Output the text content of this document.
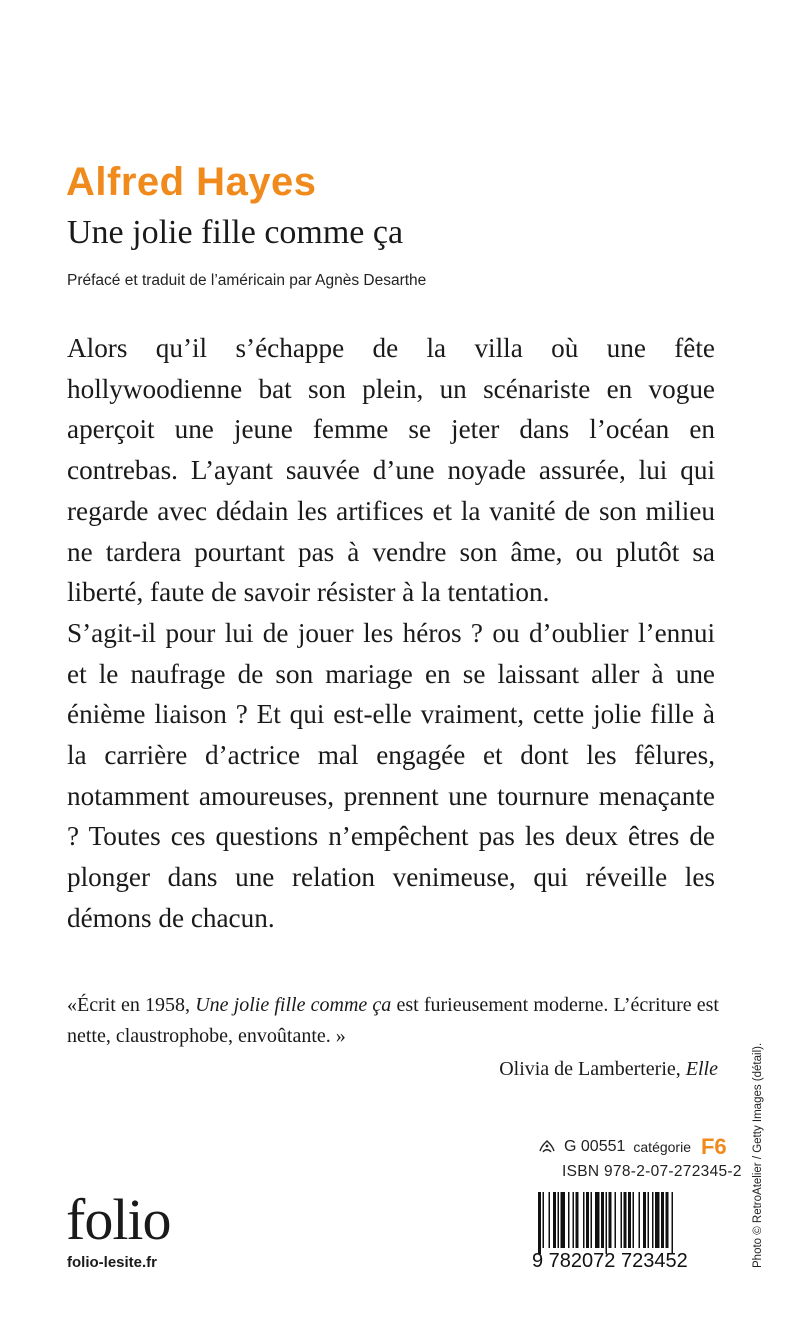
Alfred Hayes
Une jolie fille comme ça
Préfacé et traduit de l’américain par Agnès Desarthe

Alors qu’il s’échappe de la villa où une fête hollywoodienne bat son plein, un scénariste en vogue aperçoit une jeune femme se jeter dans l’océan en contrebas. L’ayant sauvée d’une noyade assurée, lui qui regarde avec dédain les artifices et la vanité de son milieu ne tardera pourtant pas à vendre son âme, ou plutôt sa liberté, faute de savoir résister à la tentation.

S’agit-il pour lui de jouer les héros ? ou d’oublier l’ennui et le naufrage de son mariage en se laissant aller à une énième liaison ? Et qui est-elle vraiment, cette jolie fille à la carrière d’actrice mal engagée et dont les fêlures, notamment amoureuses, prennent une tournure menaçante ? Toutes ces questions n’empêchent pas les deux êtres de plonger dans une relation venimeuse, qui réveille les démons de chacun.

«Écrit en 1958, Une jolie fille comme ça est furieusement moderne. L’écriture est nette, claustrophobe, envoûtante. »
Olivia de Lamberterie, Elle
G 00551 catégorie F6
ISBN 978-2-07-272345-2
9 782072 723452
folio
folio-lesite.fr	Photo © RetroAtelier / Getty Images (détail).
